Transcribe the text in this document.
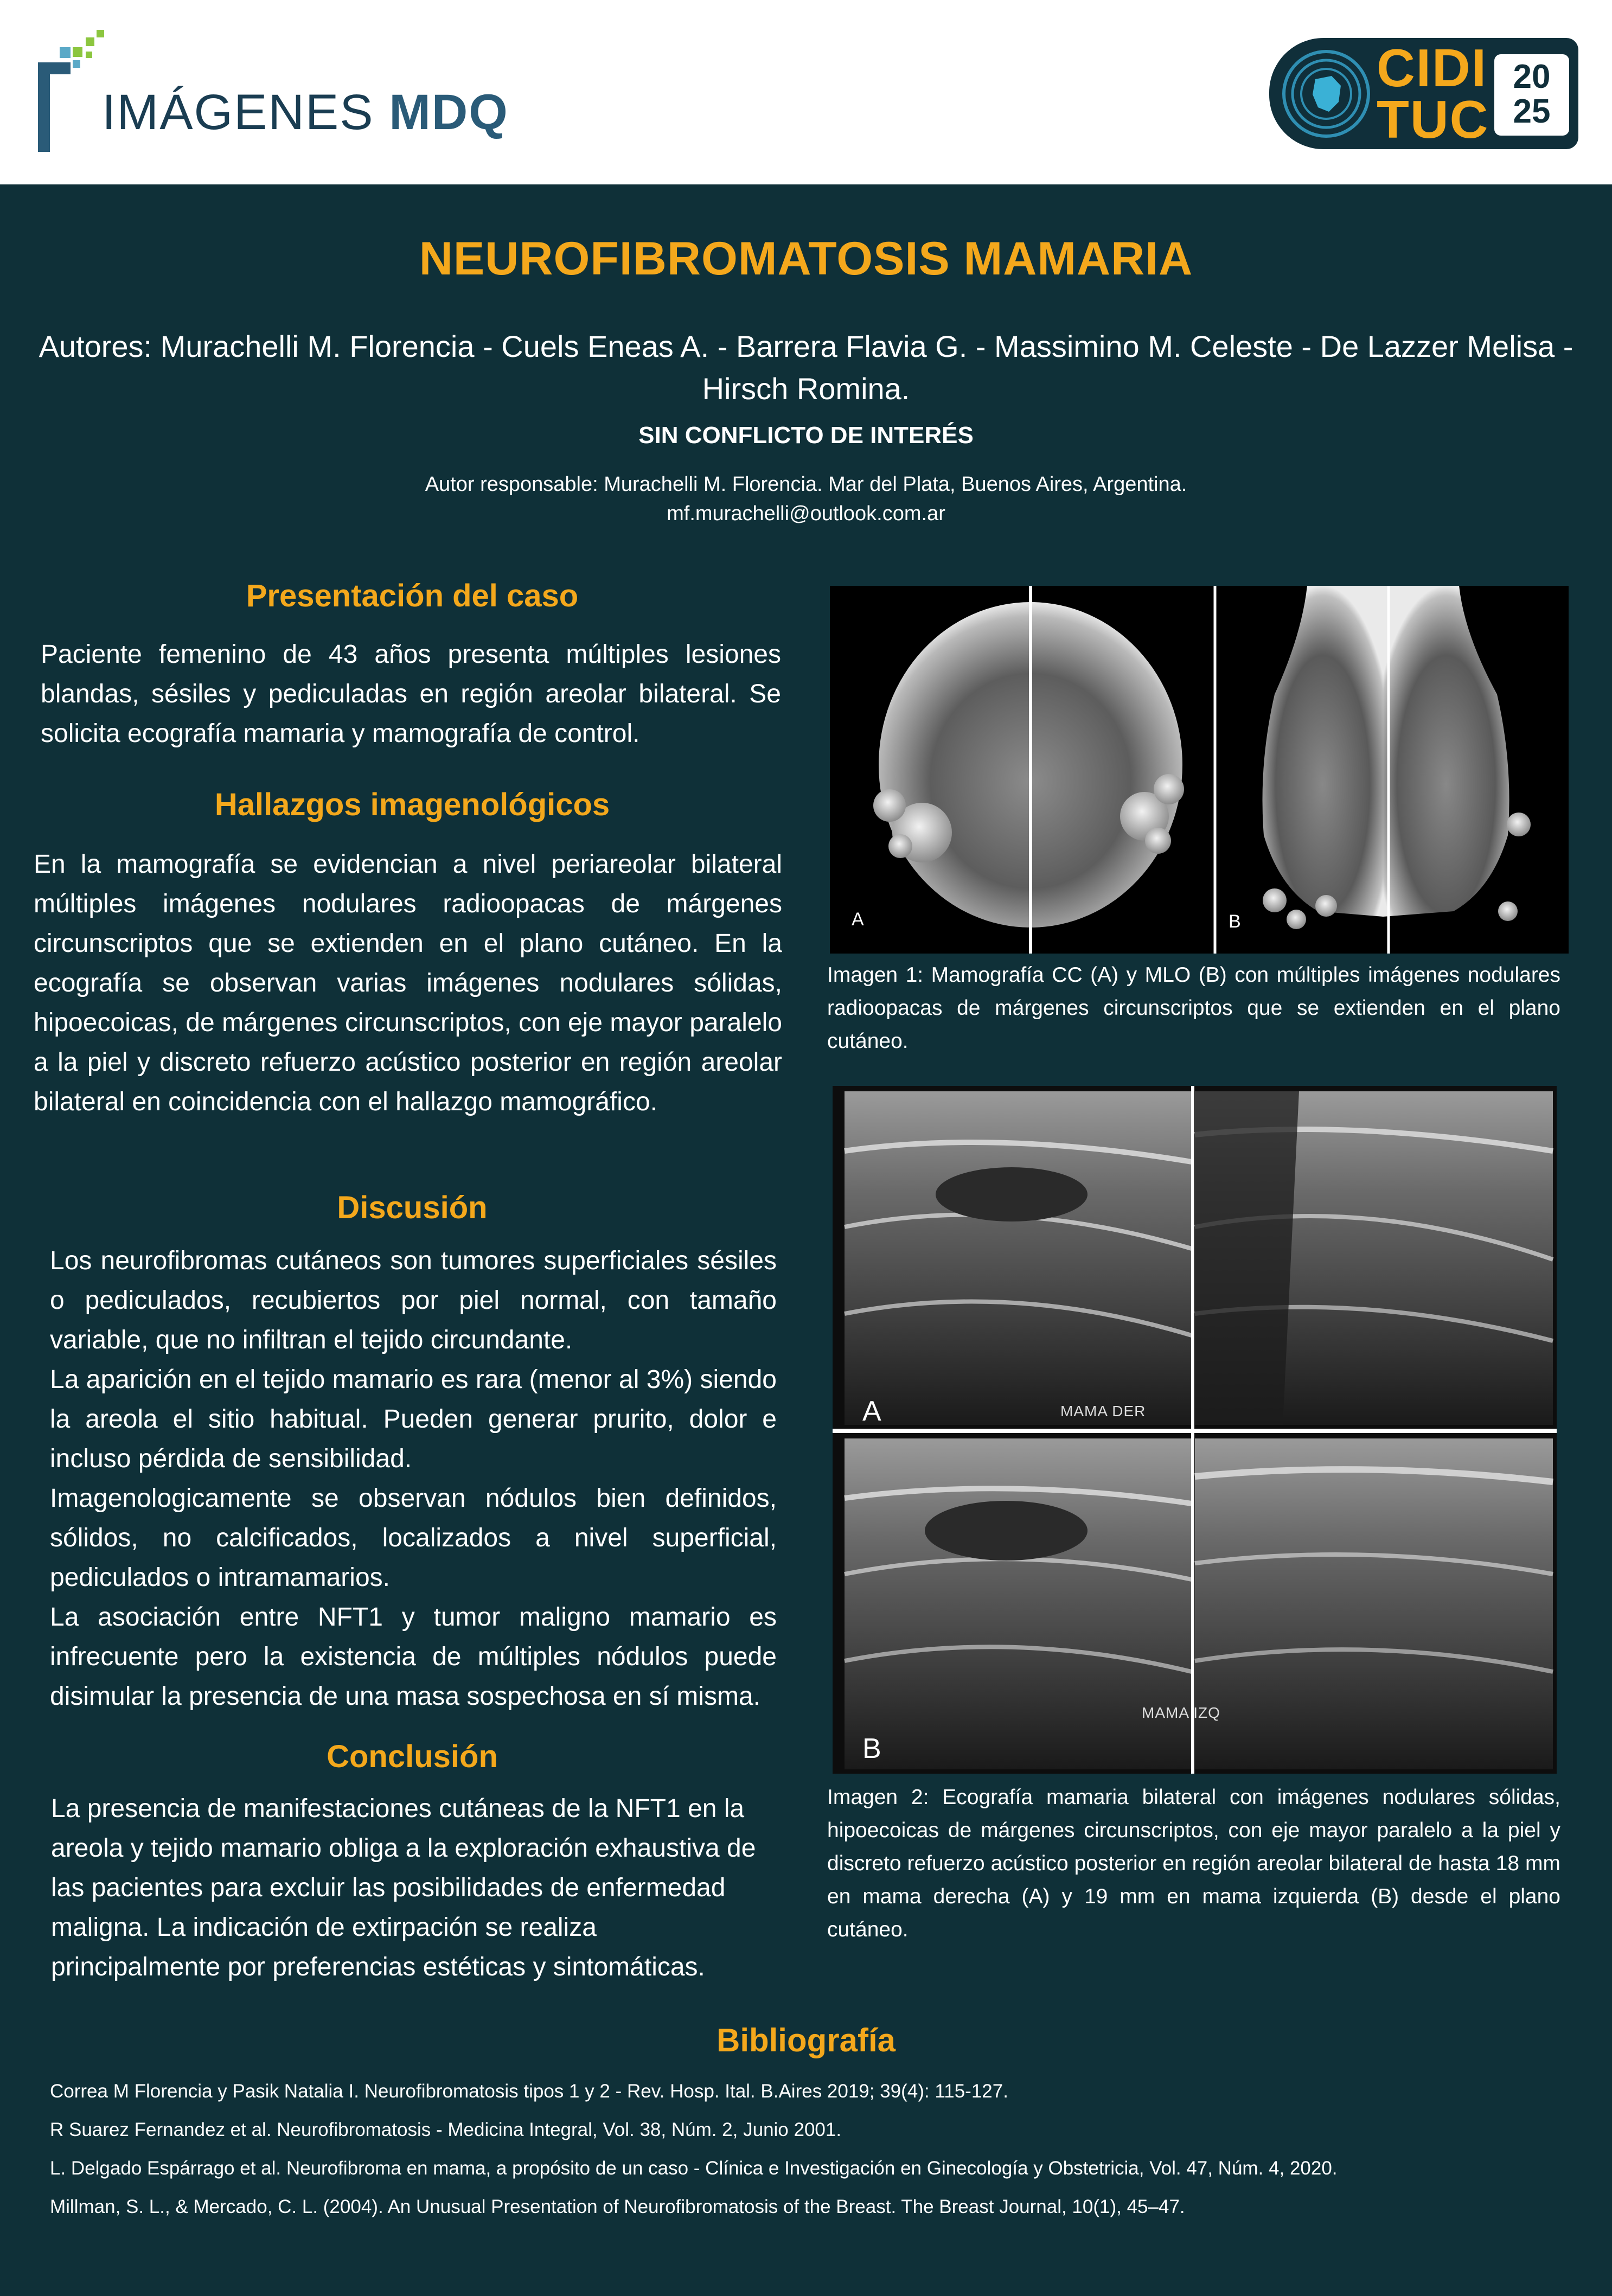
IMÁGENES MDQ
CIDI
TUC
20
25
NEUROFIBROMATOSIS MAMARIA
Autores: Murachelli M. Florencia - Cuels Eneas A. - Barrera Flavia G. - Massimino M. Celeste - De Lazzer Melisa -
Hirsch Romina.
SIN CONFLICTO DE INTERÉS
Autor responsable: Murachelli M. Florencia. Mar del Plata, Buenos Aires, Argentina.
mf.murachelli@outlook.com.ar
Presentación del caso
Paciente femenino de 43 años presenta múltiples lesiones blandas, sésiles y pediculadas en región areolar bilateral. Se solicita ecografía mamaria y mamografía de control.
Hallazgos imagenológicos
En la mamografía se evidencian a nivel periareolar bilateral múltiples imágenes nodulares radioopacas de márgenes circunscriptos que se extienden en el plano cutáneo. En la ecografía se observan varias imágenes nodulares sólidas, hipoecoicas, de márgenes circunscriptos, con eje mayor paralelo a la piel y discreto refuerzo acústico posterior en región areolar bilateral en coincidencia con el hallazgo mamográfico.
Discusión

Los neurofibromas cutáneos son tumores superficiales sésiles o pediculados, recubiertos por piel normal, con tamaño variable, que no infiltran el tejido circundante.

La aparición en el tejido mamario es rara (menor al 3%) siendo la areola el sitio habitual. Pueden generar prurito, dolor e incluso pérdida de sensibilidad.

Imagenologicamente se observan nódulos bien definidos, sólidos, no calcificados, localizados a nivel superficial, pediculados o intramamarios.

La asociación entre NFT1 y tumor maligno mamario es infrecuente pero la existencia de múltiples nódulos puede disimular la presencia de una masa sospechosa en sí misma.

Conclusión
La presencia de manifestaciones cutáneas de la NFT1 en la areola y tejido mamario obliga a la exploración exhaustiva de las pacientes para excluir las posibilidades de enfermedad maligna. La indicación de extirpación se realiza principalmente por preferencias estéticas y sintomáticas.
A	B
Imagen 1: Mamografía CC (A) y MLO (B) con múltiples imágenes nodulares radioopacas de márgenes circunscriptos que se extienden en el plano cutáneo.
A	MAMA DER
B
MAMA IZQ
Imagen 2: Ecografía mamaria bilateral con imágenes nodulares sólidas, hipoecoicas de márgenes circunscriptos, con eje mayor paralelo a la piel y discreto refuerzo acústico posterior en región areolar bilateral de hasta 18 mm en mama derecha (A) y 19 mm en mama izquierda (B) desde el plano cutáneo.
Bibliografía
Correa M Florencia y Pasik Natalia I. Neurofibromatosis tipos 1 y 2 - Rev. Hosp. Ital. B.Aires 2019; 39(4): 115-127.
R Suarez Fernandez et al. Neurofibromatosis - Medicina Integral, Vol. 38, Núm. 2, Junio 2001.
L. Delgado Espárrago et al. Neurofibroma en mama, a propósito de un caso - Clínica e Investigación en Ginecología y Obstetricia, Vol. 47, Núm. 4, 2020.
Millman, S. L., & Mercado, C. L. (2004). An Unusual Presentation of Neurofibromatosis of the Breast. The Breast Journal, 10(1), 45–47.
